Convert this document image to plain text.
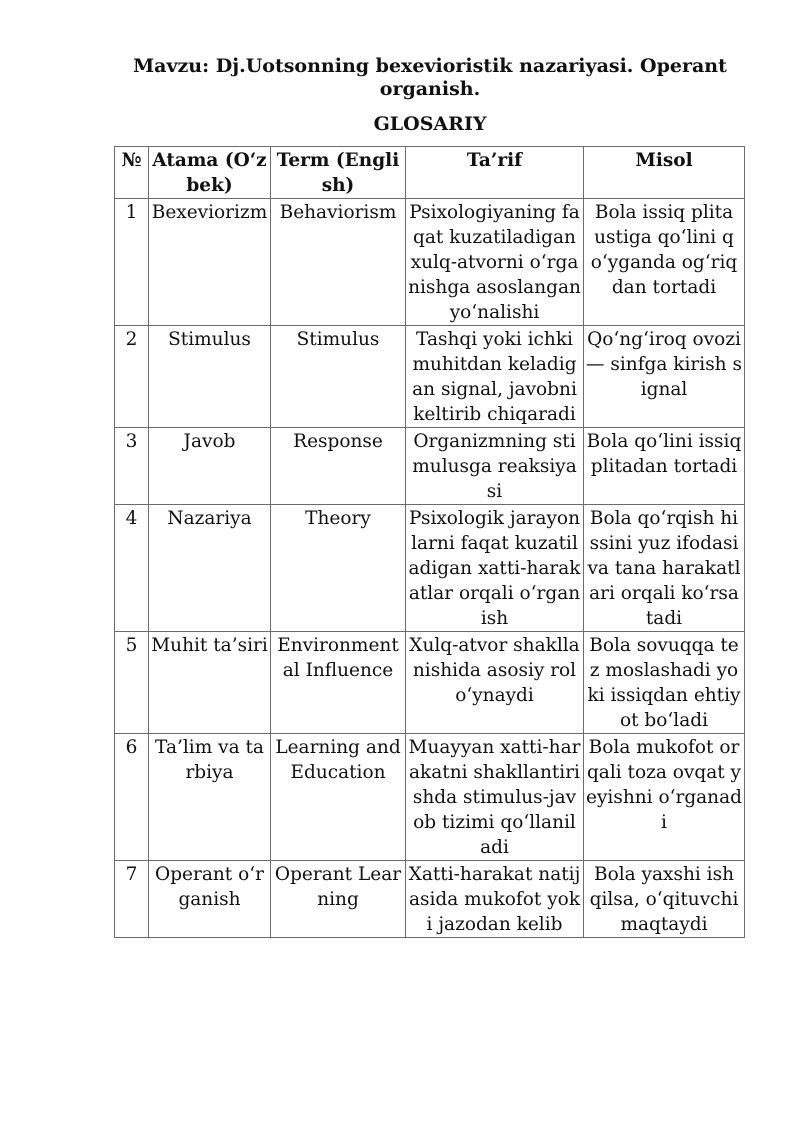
Mavzu: Dj.Uotsonning bexevioristik nazariyasi. Operant organish.
GLOSARIY
№	Atama (O‘zbek)	Term (English)	Ta’rif	Misol
1	Bexeviorizm	Behaviorism	Psixologiyaning faqat kuzatiladigan xulq-atvorni o‘rganishga asoslangan yo‘nalishi	Bola issiq plita ustiga qo‘lini qo‘yganda og‘riqdan tortadi
2	Stimulus	Stimulus	Tashqi yoki ichki muhitdan keladigan signal, javobni keltirib chiqaradi	Qo‘ng‘iroq ovozi — sinfga kirish signal
3	Javob	Response	Organizmning stimulusga reaksiyasi	Bola qo‘lini issiq plitadan tortadi
4	Nazariya	Theory	Psixologik jarayonlarni faqat kuzatiladigan xatti-harakatlar orqali o‘rganish	Bola qo‘rqish hissini yuz ifodasi va tana harakatlari orqali ko‘rsatadi
5	Muhit ta’siri	Environmental Influence	Xulq-atvor shakllanishida asosiy rol o‘ynaydi	Bola sovuqqa tez moslashadi yoki issiqdan ehtiyot bo‘ladi
6	Ta’lim va tarbiya	Learning and Education	Muayyan xatti-harakatni shakllantirishda stimulus-javob tizimi qo‘llaniladi	Bola mukofot orqali toza ovqat yeyishni o‘rganadi
7	Operant o‘rganish	Operant Learning	Xatti-harakat natijasida mukofot yoki jazodan kelib	Bola yaxshi ish qilsa, o‘qituvchi maqtaydi
